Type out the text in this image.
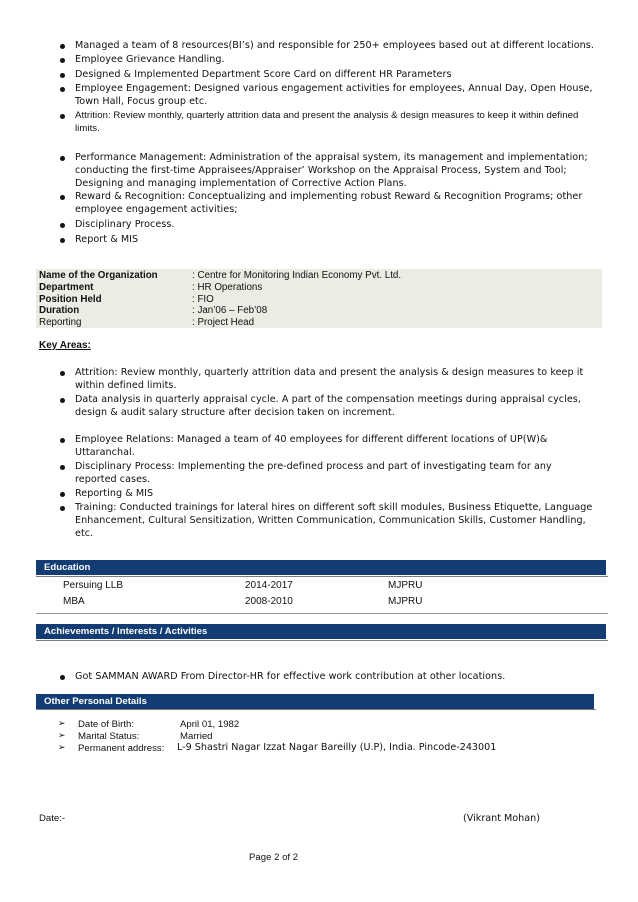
Managed a team of 8 resources(BI’s) and responsible for 250+ employees based out at different locations.
Employee Grievance Handling.
Designed & Implemented Department Score Card on different HR Parameters
Employee Engagement: Designed various engagement activities for employees, Annual Day, Open House, Town Hall, Focus group etc.
Attrition: Review monthly, quarterly attrition data and present the analysis & design measures to keep it within defined limits.
Performance Management: Administration of the appraisal system, its management and implementation; conducting the first-time Appraisees/Appraiser’ Workshop on the Appraisal Process, System and Tool; Designing and managing implementation of Corrective Action Plans.
Reward & Recognition: Conceptualizing and implementing robust Reward & Recognition Programs; other employee engagement activities;
Disciplinary Process.
Report & MIS
Name of the Organization	: Centre for Monitoring Indian Economy Pvt. Ltd.
Department	: HR Operations
Position Held	: FIO
Duration	: Jan’06 – Feb’08
Reporting	: Project Head
Key Areas:
Attrition: Review monthly, quarterly attrition data and present the analysis & design measures to keep it within defined limits.
Data analysis in quarterly appraisal cycle. A part of the compensation meetings during appraisal cycles, design & audit salary structure after decision taken on increment.
Employee Relations: Managed a team of 40 employees for different different locations of UP(W)& Uttaranchal.
Disciplinary Process: Implementing the pre-defined process and part of investigating team for any reported cases.
Reporting & MIS
Training: Conducted trainings for lateral hires on different soft skill modules, Business Etiquette, Language Enhancement, Cultural Sensitization, Written Communication, Communication Skills, Customer Handling, etc.
Education
Persuing LLB	2014-2017	MJPRU
MBA	2008-2010	MJPRU
Achievements / Interests / Activities
Got SAMMAN AWARD From Director-HR for effective work contribution at other locations.
Other Personal Details
➢ Date of Birth:	April 01, 1982
➢ Marital Status:	Married
➢ Permanent address: L-9 Shastri Nagar Izzat Nagar Bareilly (U.P), India. Pincode-243001
Date:-	(Vikrant Mohan)
Page 2 of 2
